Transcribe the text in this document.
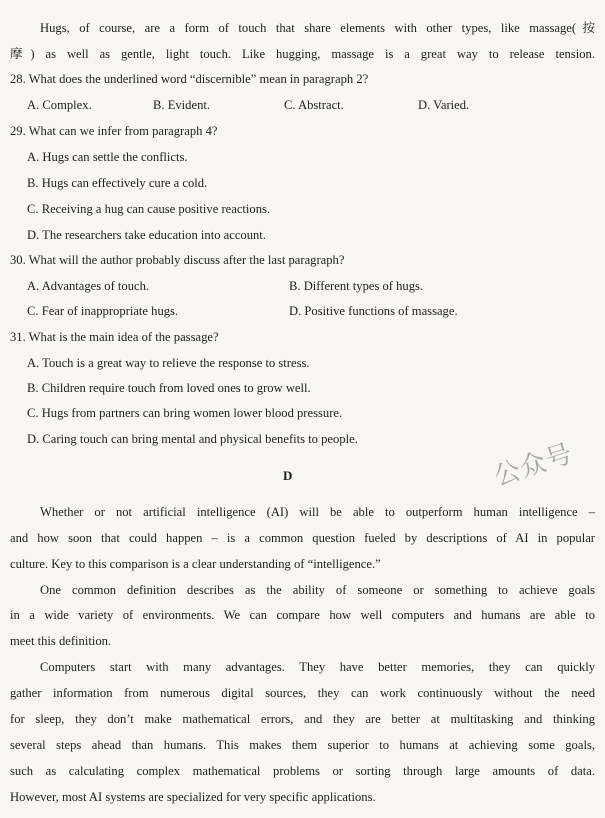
Hugs, of course, are a form of touch that share elements with other types, like massage(按
摩) as well as gentle, light touch. Like hugging, massage is a great way to release tension.
28. What does the underlined word “discernible” mean in paragraph 2?
A. Complex.	B. Evident.	C. Abstract.	D. Varied.
29. What can we infer from paragraph 4?
A. Hugs can settle the conflicts.
B. Hugs can effectively cure a cold.
C. Receiving a hug can cause positive reactions.
D. The researchers take education into account.
30. What will the author probably discuss after the last paragraph?
A. Advantages of touch.	B. Different types of hugs.
C. Fear of inappropriate hugs.	D. Positive functions of massage.
31. What is the main idea of the passage?
A. Touch is a great way to relieve the response to stress.
B. Children require touch from loved ones to grow well.
C. Hugs from partners can bring women lower blood pressure.
D. Caring touch can bring mental and physical benefits to people.
D	公众号
Whether or not artificial intelligence (AI) will be able to outperform human intelligence –
and how soon that could happen – is a common question fueled by descriptions of AI in popular
culture. Key to this comparison is a clear understanding of “intelligence.”
One common definition describes as the ability of someone or something to achieve goals
in a wide variety of environments. We can compare how well computers and humans are able to
meet this definition.
Computers start with many advantages. They have better memories, they can quickly
gather information from numerous digital sources, they can work continuously without the need
for sleep, they don’t make mathematical errors, and they are better at multitasking and thinking
several steps ahead than humans. This makes them superior to humans at achieving some goals,
such as calculating complex mathematical problems or sorting through large amounts of data.
However, most AI systems are specialized for very specific applications.
